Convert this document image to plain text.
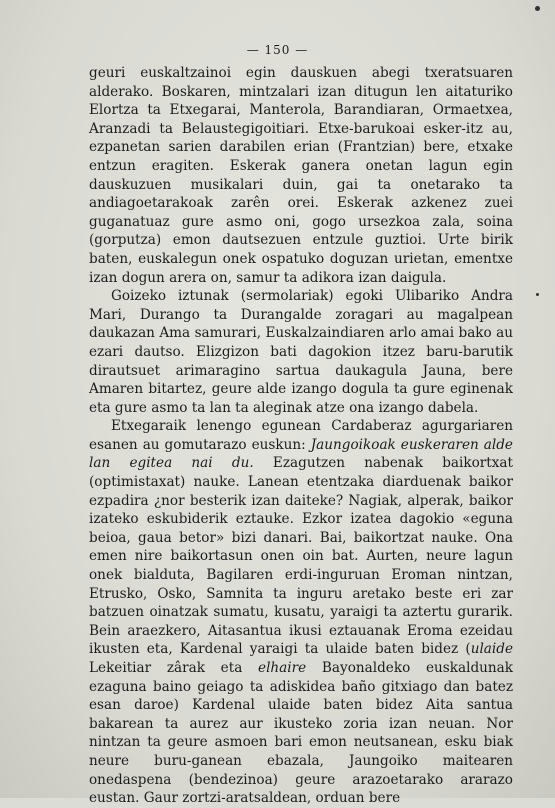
— 150 —

geuri euskaltzainoi egin dauskuen abegi txeratsuaren alderako. Boskaren, mintzalari izan ditugun len aitaturiko Elortza ta Etxegarai, Manterola, Barandiaran, Ormaetxea, Aranzadi ta Belaustegigoitiari. Etxe-barukoai esker-itz au, ezpanetan sarien darabilen erian (Frantzian) bere, etxake entzun eragiten. Eskerak ganera onetan lagun egin dauskuzuen musikalari duin, gai ta onetarako ta andiagoetarakoak zarên orei. Eskerak azkenez zuei guganatuaz gure asmo oni, gogo ursezkoa zala, soina (gorputza) emon dautsezuen entzule guztioi. Urte birik baten, euskalegun onek ospatuko doguzan urietan, ementxe izan dogun arera on, samur ta adikora izan daigula.

Goizeko iztunak (sermolariak) egoki Ulibariko Andra Mari, Durango ta Durangalde zoragari au magalpean daukazan Ama samurari, Euskalzaindiaren arlo amai bako au ezari dautso. Elizgizon bati dagokion itzez baru-barutik dirautsuet arimaragino sartua daukagula Jauna, bere Amaren bitartez, geure alde izango dogula ta gure eginenak eta gure asmo ta lan ta aleginak atze ona izango dabela.

Etxegaraik lenengo egunean Cardaberaz agurgariaren esanen au gomutarazo euskun: Jaungoikoak euskeraren alde lan egitea nai du. Ezagutzen nabenak baikortxat (optimistaxat) nauke. Lanean etentzaka diarduenak baikor ezpadira ¿nor besterik izan daiteke? Nagiak, alperak, baikor izateko eskubiderik eztauke. Ezkor izatea dagokio «eguna beioa, gaua betor» bizi danari. Bai, baikortzat nauke. Ona emen nire baikortasun onen oin bat. Aurten, neure lagun onek bialduta, Bagilaren erdi-inguruan Eroman nintzan, Etrusko, Osko, Samnita ta inguru aretako beste eri zar batzuen oinatzak sumatu, kusatu, yaraigi ta aztertu gurarik. Bein araezkero, Aitasantua ikusi eztauanak Eroma ezeidau ikusten eta, Kardenal yaraigi ta ulaide baten bidez (ulaide Lekeitiar zârak eta elhaire Bayonaldeko euskaldunak ezaguna baino geiago ta adiskidea baño gitxiago dan batez esan daroe) Kardenal ulaide baten bidez Aita santua bakarean ta aurez aur ikusteko zoria izan neuan. Nor nintzan ta geure asmoen bari emon neutsanean, esku biak neure buru-ganean ebazala, Jaungoiko maitearen onedaspena (bendezinoa) geure arazoetarako ararazo eustan. Gaur zortzi-aratsaldean, orduan bere
